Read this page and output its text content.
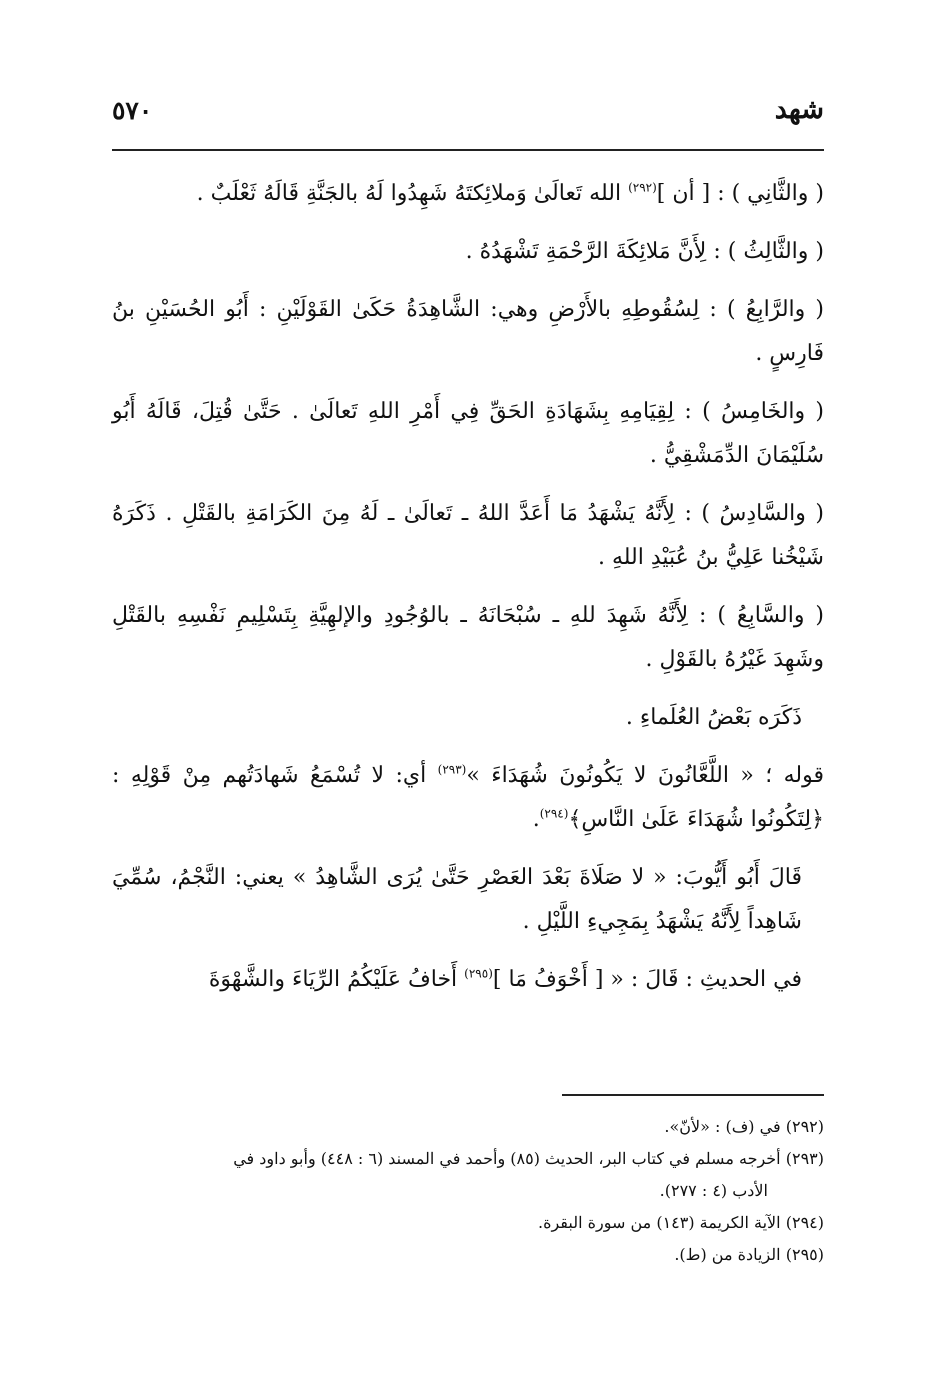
شهد
٥٧٠

( والثَّانِي ) : [ أن ]$^{(٢٩٢)}$ الله تَعالَىٰ وَملائِكتَهُ شَهِدُوا لَهُ بالجَنَّةِ قَالَهُ ثَعْلَبٌ .

( والثَّالِثُ ) : لِأَنَّ مَلائِكَةَ الرَّحْمَةِ تَشْهَدُهُ .

( والرَّابِعُ ) : لِسُقُوطِهِ بالأَرْضِ وهي: الشَّاهِدَةُ حَكَىٰ القَوْلَيْنِ : أَبُو الحُسَيْنِ بنُ فَارِسٍ .

( والخَامِسُ ) : لِقِيَامِهِ بِشَهَادَةِ الحَقِّ فِي أَمْرِ اللهِ تَعالَىٰ . حَتَّىٰ قُتِلَ، قَالَهُ أَبُو سُلَيْمَانَ الدِّمَشْقِيُّ .

( والسَّادِسُ ) : لِأَنَّهُ يَشْهَدُ مَا أَعَدَّ اللهُ ـ تَعالَىٰ ـ لَهُ مِنَ الكَرَامَةِ بالقَتْلِ . ذَكَرَهُ شَيْخُنا عَلِيُّ بنُ عُبَيْدِ اللهِ .

( والسَّابِعُ ) : لِأَنَّهُ شَهِدَ للهِ ـ سُبْحَانَهُ ـ بالوُجُودِ والإلهِيَّةِ بِتَسْلِيمِ نَفْسِهِ بالقَتْلِ وشَهِدَ غَيْرُهُ بالقَوْلِ .

ذَكَرَه بَعْضُ العُلَماءِ .

قوله ؛ « اللَّعَّانُونَ لا يَكُونُونَ شُهَدَاءَ »$^{(٢٩٣)}$ أي: لا تُسْمَعُ شَهادَتُهم مِنْ قَوْلِهِ : ﴿لِتَكُونُوا شُهَدَاءَ عَلَىٰ النَّاسِ﴾$^{(٢٩٤)}$.

قَالَ أَبُو أَيُّوبَ: « لا صَلَاةَ بَعْدَ العَصْرِ حَتَّىٰ يُرَى الشَّاهِدُ » يعني: النَّجْمُ، سُمِّيَ شَاهِداً لِأَنَّهُ يَشْهَدُ بِمَجِيءِ اللَّيْلِ .

في الحديثِ : قَالَ : « [ أَخْوَفُ مَا ]$^{(٢٩٥)}$ أَخافُ عَلَيْكُمُ الرِّيَاءَ والشَّهْوَةَ

(٢٩٢) في (ف) : «لأنّ».

(٢٩٣) أخرجه مسلم في كتاب البر، الحديث (٨٥) وأحمد في المسند (٦ : ٤٤٨) وأبو داود في

الأدب (٤ : ٢٧٧).

(٢٩٤) الآية الكريمة (١٤٣) من سورة البقرة.

(٢٩٥) الزيادة من (ط).
